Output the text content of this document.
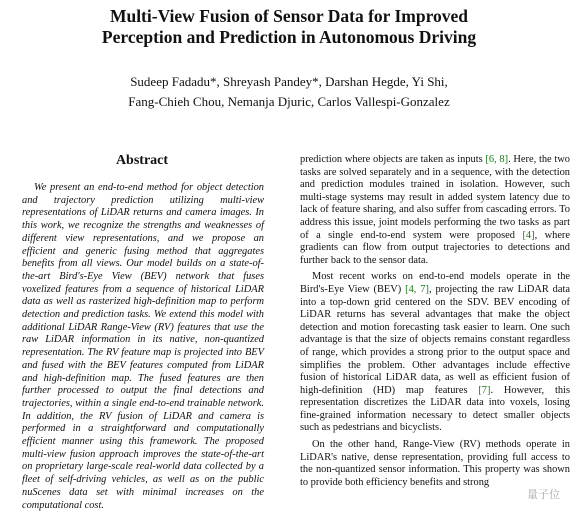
Multi-View Fusion of Sensor Data for Improved
Perception and Prediction in Autonomous Driving
Sudeep Fadadu*, Shreyash Pandey*, Darshan Hegde, Yi Shi,
Fang-Chieh Chou, Nemanja Djuric, Carlos Vallespi-Gonzalez
Abstract

We present an end-to-end method for object detection and trajectory prediction utilizing multi-view representations of LiDAR returns and camera images. In this work, we recognize the strengths and weaknesses of different view representations, and we propose an efficient and generic fusing method that aggregates benefits from all views. Our model builds on a state-of-the-art Bird's-Eye View (BEV) network that fuses voxelized features from a sequence of historical LiDAR data as well as rasterized high-definition map to perform detection and prediction tasks. We extend this model with additional LiDAR Range-View (RV) features that use the raw LiDAR information in its native, non-quantized representation. The RV feature map is projected into BEV and fused with the BEV features computed from LiDAR and high-definition map. The fused features are then further processed to output the final detections and trajectories, within a single end-to-end trainable network. In addition, the RV fusion of LiDAR and camera is performed in a straightforward and computationally efficient manner using this framework. The proposed multi-view fusion approach improves the state-of-the-art on proprietary large-scale real-world data collected by a fleet of self-driving vehicles, as well as on the public nuScenes data set with minimal increases on the computational cost.

prediction where objects are taken as inputs [6, 8]. Here, the two tasks are solved separately and in a sequence, with the detection and prediction modules trained in isolation. However, such multi-stage systems may result in added system latency due to lack of feature sharing, and also suffer from cascading errors. To address this issue, joint models performing the two tasks as part of a single end-to-end system were proposed [4], where gradients can flow from output trajectories to detections and further back to the sensor data.

Most recent works on end-to-end models operate in the Bird's-Eye View (BEV) [4, 7], projecting the raw LiDAR data into a top-down grid centered on the SDV. BEV encoding of LiDAR returns has several advantages that make the object detection and motion forecasting task easier to learn. One such advantage is that the size of objects remains constant regardless of range, which provides a strong prior to the output space and simplifies the problem. Other advantages include effective fusion of historical LiDAR data, as well as efficient fusion of high-definition (HD) map features [7]. However, this representation discretizes the LiDAR data into voxels, losing fine-grained information necessary to detect smaller objects such as pedestrians and bicyclists.

On the other hand, Range-View (RV) methods operate in LiDAR's native, dense representation, providing full access to the non-quantized sensor information. This property was shown to provide both efficiency benefits and strong

量子位
